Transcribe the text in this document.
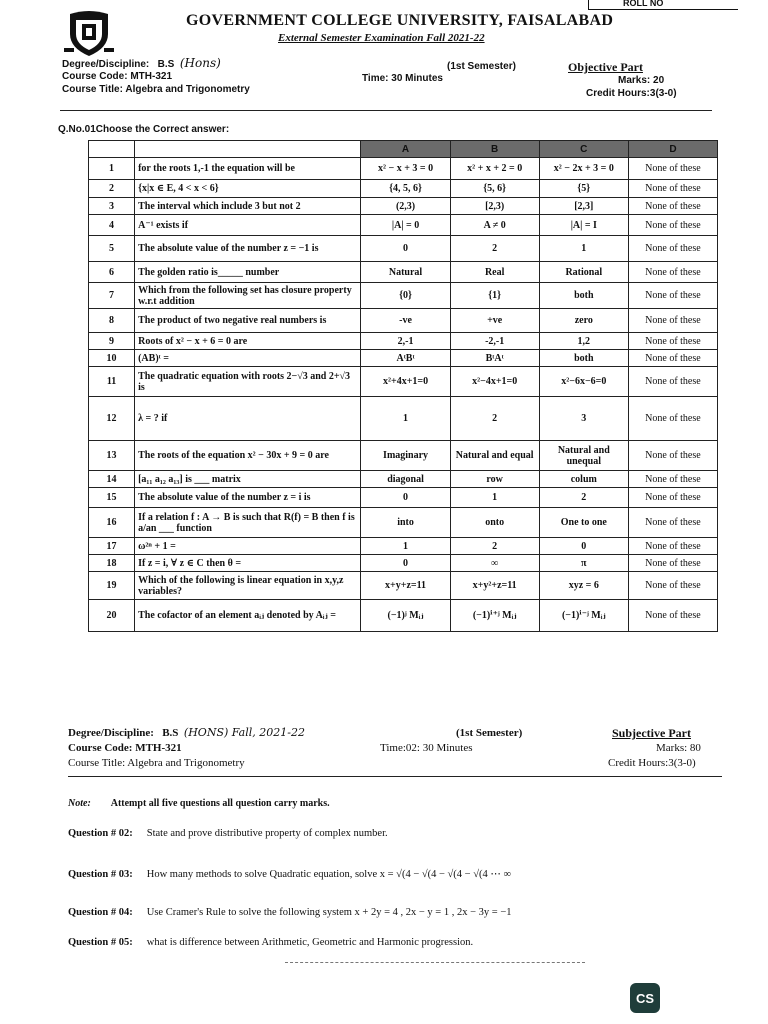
ROLL NO
GOVERNMENT COLLEGE UNIVERSITY, FAISALABAD
External Semester Examination Fall 2021-22
Degree/Discipline: B.S (Hons)
Course Code: MTH-321
Course Title: Algebra and Trigonometry
(1st Semester)
Time: 30 Minutes
Objective Part
Marks: 20
Credit Hours:3(3-0)
Q.No.01Choose the Correct answer:
		A	B	C	D
1	for the roots 1,-1 the equation will be	x² − x + 3 = 0	x² + x + 2 = 0	x² − 2x + 3 = 0	None of these
2	{x|x ∈ E, 4 < x < 6}	{4, 5, 6}	{5, 6}	{5}	None of these
3	The interval which include 3 but not 2	(2,3)	[2,3)	[2,3]	None of these
4	A⁻¹ exists if	|A| = 0	A ≠ 0	|A| = I	None of these
5	The absolute value of the number z = −1 is	0	2	1	None of these
6	The golden ratio is_____ number	Natural	Real	Rational	None of these
7	Which from the following set has closure property w.r.t addition	{0}	{1}	both	None of these
8	The product of two negative real numbers is	-ve	+ve	zero	None of these
9	Roots of x² − x + 6 = 0 are	2,-1	-2,-1	1,2	None of these
10	(AB)ᵗ =	AᵗBᵗ	BᵗAᵗ	both	None of these
11	The quadratic equation with roots 2−√3 and 2+√3 is	x²+4x+1=0	x²−4x+1=0	x²−6x−6=0	None of these
12	λ = ? if	1	2	3	None of these
13	The roots of the equation x² − 30x + 9 = 0 are	Imaginary	Natural and equal	Natural and unequal	None of these
14	[a₁₁ a₁₂ a₁₃] is ___ matrix	diagonal	row	colum	None of these
15	The absolute value of the number z = i is	0	1	2	None of these
16	If a relation f : A → B is such that R(f) = B then f is a/an ___ function	into	onto	One to one	None of these
17	ω²ⁿ + 1 =	1	2	0	None of these
18	If z = i, ∀ z ∈ C then θ =	0	∞	π	None of these
19	Which of the following is linear equation in x,y,z variables?	x+y+z=11	x+y²+z=11	xyz = 6	None of these
20	The cofactor of an element aᵢⱼ denoted by Aᵢⱼ =	(−1)ʲ Mᵢⱼ	(−1)ⁱ⁺ʲ Mᵢⱼ	(−1)ⁱ⁻ʲ Mᵢⱼ	None of these
Degree/Discipline: B.S (HONS) Fall, 2021-22
Course Code: MTH-321
Course Title: Algebra and Trigonometry
(1st Semester)
Time:02: 30 Minutes
Subjective Part
Marks: 80
Credit Hours:3(3-0)
Note: Attempt all five questions all question carry marks.
Question # 02: State and prove distributive property of complex number.
Question # 03: How many methods to solve Quadratic equation, solve x = √(4 − √(4 − √(4 − √(4 ⋯ ∞
Question # 04: Use Cramer's Rule to solve the following system x + 2y = 4 , 2x − y = 1 , 2x − 3y = −1
Question # 05: what is difference between Arithmetic, Geometric and Harmonic progression.
CS
